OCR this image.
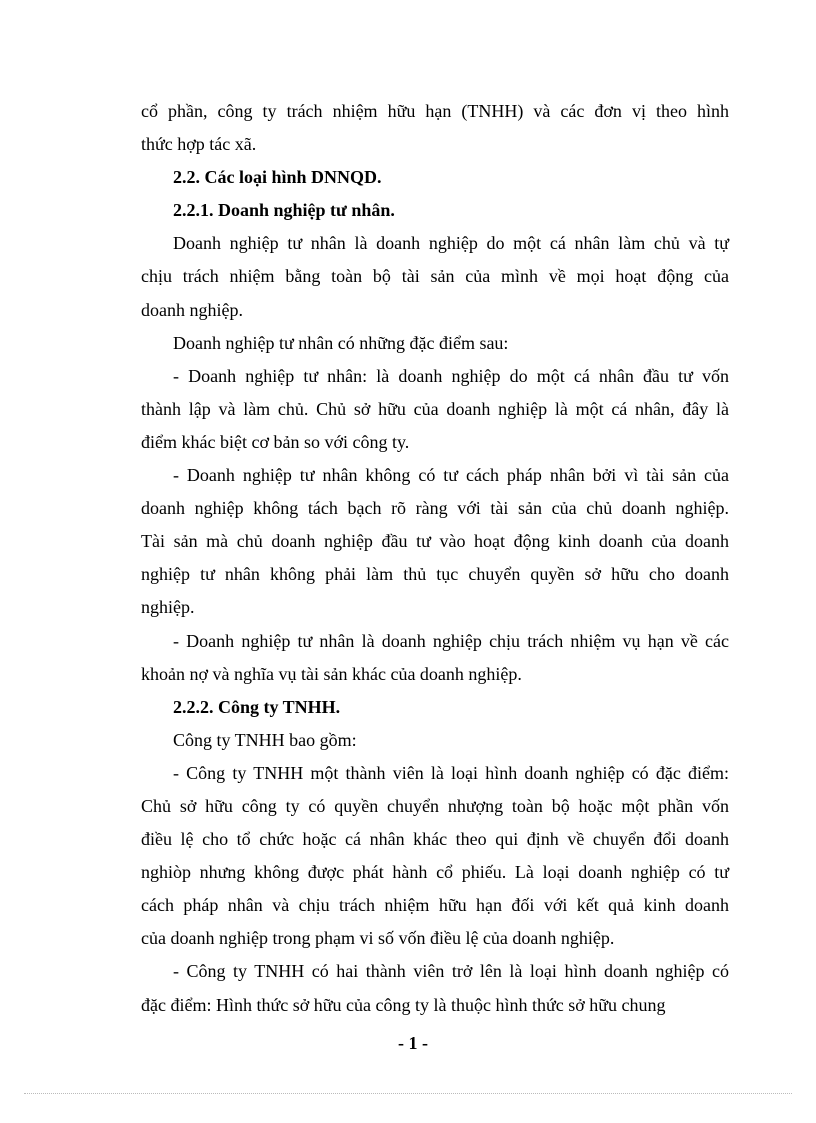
cổ phần, công ty trách nhiệm hữu hạn (TNHH) và các đơn vị theo hình
thức hợp tác xã.
2.2. Các loại hình DNNQD.
2.2.1. Doanh nghiệp tư nhân.
Doanh nghiệp tư nhân là doanh nghiệp do một cá nhân làm chủ và tự
chịu trách nhiệm bằng toàn bộ tài sản của mình về mọi hoạt động của
doanh nghiệp.
Doanh nghiệp tư nhân có những đặc điểm sau:
- Doanh nghiệp tư nhân: là doanh nghiệp do một cá nhân đầu tư vốn
thành lập và làm chủ. Chủ sở hữu của doanh nghiệp là một cá nhân, đây là
điểm khác biệt cơ bản so với công ty.
- Doanh nghiệp tư nhân không có tư cách pháp nhân bởi vì tài sản của
doanh nghiệp không tách bạch rõ ràng với tài sản của chủ doanh nghiệp.
Tài sản mà chủ doanh nghiệp đầu tư vào hoạt động kinh doanh của doanh
nghiệp tư nhân không phải làm thủ tục chuyển quyền sở hữu cho doanh
nghiệp.
- Doanh nghiệp tư nhân là doanh nghiệp chịu trách nhiệm vụ hạn về các
khoản nợ và nghĩa vụ tài sản khác của doanh nghiệp.
2.2.2. Công ty TNHH.
Công ty TNHH bao gồm:
- Công ty TNHH một thành viên là loại hình doanh nghiệp có đặc điểm:
Chủ sở hữu công ty có quyền chuyển nhượng toàn bộ hoặc một phần vốn
điều lệ cho tổ chức hoặc cá nhân khác theo qui định về chuyển đổi doanh
nghiòp nhưng không được phát hành cổ phiếu. Là loại doanh nghiệp có tư
cách pháp nhân và chịu trách nhiệm hữu hạn đối với kết quả kinh doanh
của doanh nghiệp trong phạm vi số vốn điều lệ của doanh nghiệp.
- Công ty TNHH có hai thành viên trở lên là loại hình doanh nghiệp có
đặc điểm: Hình thức sở hữu của công ty là thuộc hình thức sở hữu chung
- 1 -
